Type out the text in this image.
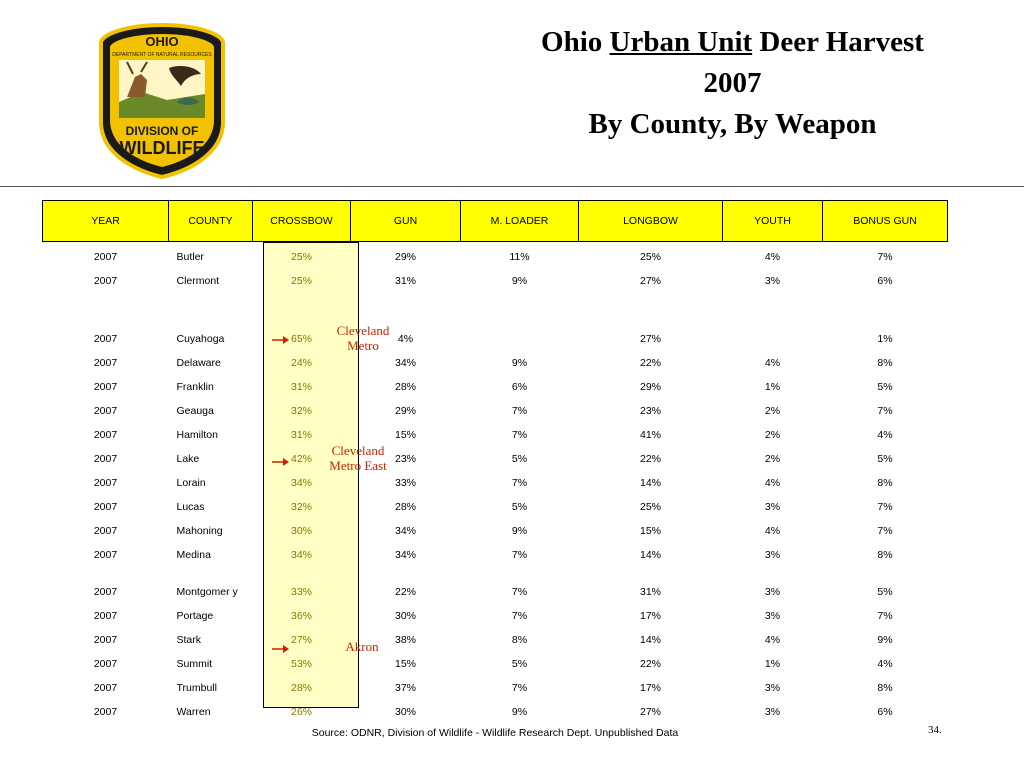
OHIO
DEPARTMENT OF NATURAL RESOURCES
DIVISION OF
WILDLIFE
Ohio Urban Unit Deer Harvest
2007
By County, By Weapon
YEAR	COUNTY	CROSSBOW	GUN	M. LOADER	LONGBOW	YOUTH	BONUS GUN
2007	Butler	25%	29%	11%	25%	4%	7%
2007	Clermont	25%	31%	9%	27%	3%	6%
2007	Cuyahoga	65%	4%		27%		1%
2007	Delaware	24%	34%	9%	22%	4%	8%
2007	Franklin	31%	28%	6%	29%	1%	5%
2007	Geauga	32%	29%	7%	23%	2%	7%
2007	Hamilton	31%	15%	7%	41%	2%	4%
2007	Lake	42%	23%	5%	22%	2%	5%
2007	Lorain	34%	33%	7%	14%	4%	8%
2007	Lucas	32%	28%	5%	25%	3%	7%
2007	Mahoning	30%	34%	9%	15%	4%	7%
2007	Medina	34%	34%	7%	14%	3%	8%
2007	Montgomer y	33%	22%	7%	31%	3%	5%
2007	Portage	36%	30%	7%	17%	3%	7%
2007	Stark	27%	38%	8%	14%	4%	9%
2007	Summit	53%	15%	5%	22%	1%	4%
2007	Trumbull	28%	37%	7%	17%	3%	8%
2007	Warren	26%	30%	9%	27%	3%	6%
Cleveland
Metro
Cleveland
Metro East
Akron
Source: ODNR, Division of Wildlife - Wildlife Research Dept. Unpublished Data	34.
